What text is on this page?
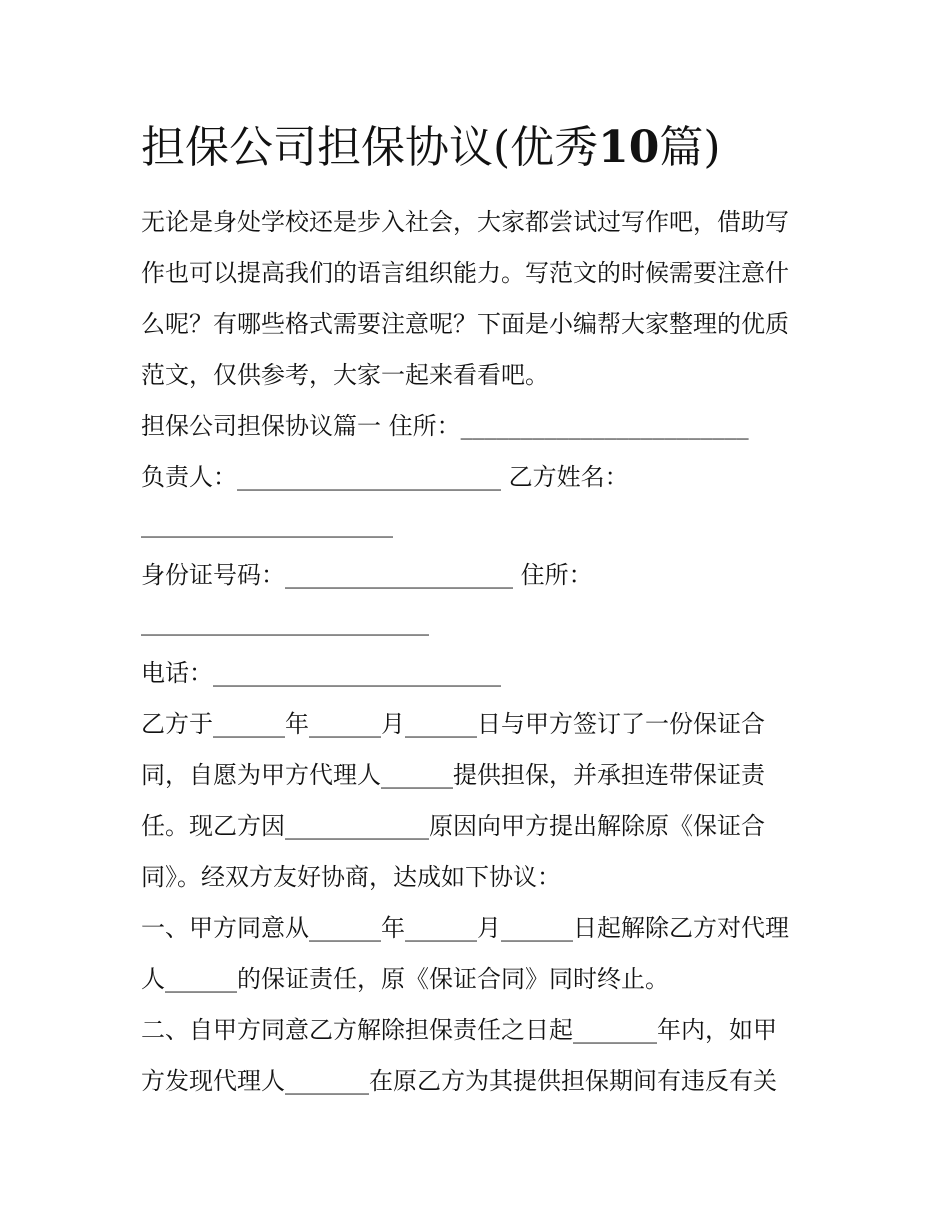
担保公司担保协议(优秀10篇)

无论是身处学校还是步入社会，大家都尝试过写作吧，借助写

作也可以提高我们的语言组织能力。写范文的时候需要注意什

么呢？有哪些格式需要注意呢？下面是小编帮大家整理的优质

范文，仅供参考，大家一起来看看吧。

担保公司担保协议篇一 住所：________________________

负责人：______________________ 乙方姓名：

_____________________

身份证号码：___________________ 住所：

________________________

电话：________________________

乙方于______年______月______日与甲方签订了一份保证合

同，自愿为甲方代理人______提供担保，并承担连带保证责

任。现乙方因____________原因向甲方提出解除原《保证合

同》。经双方友好协商，达成如下协议：

一、甲方同意从______年______月______日起解除乙方对代理

人______的保证责任，原《保证合同》同时终止。

二、自甲方同意乙方解除担保责任之日起_______年内，如甲

方发现代理人_______在原乙方为其提供担保期间有违反有关
